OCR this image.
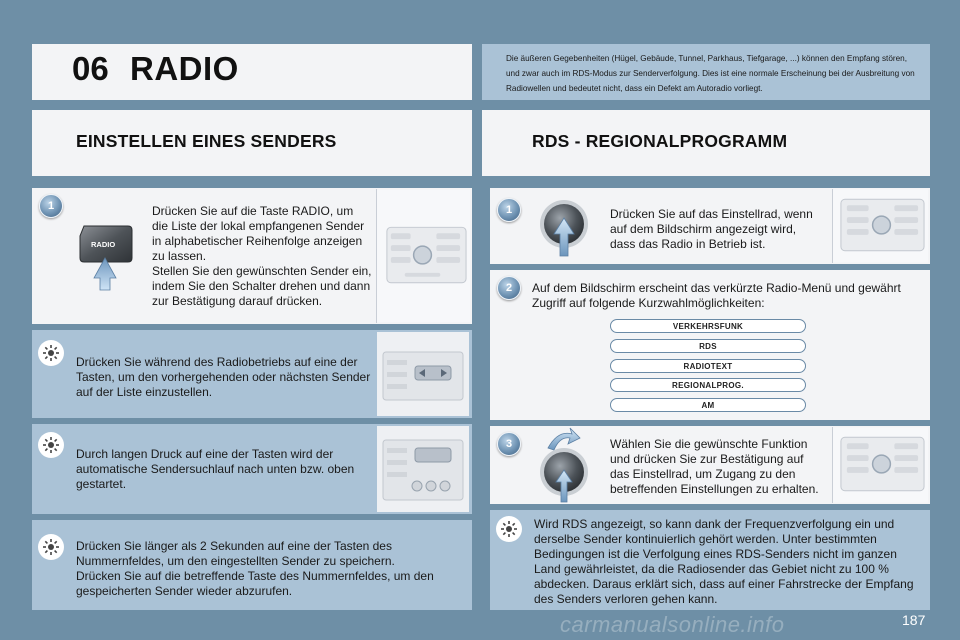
06 RADIO	Die äußeren Gegebenheiten (Hügel, Gebäude, Tunnel, Parkhaus, Tiefgarage, ...) können den Empfang stören, und zwar auch im RDS-Modus zur Senderverfolgung. Dies ist eine normale Erscheinung bei der Ausbreitung von Radiowellen und bedeutet nicht, dass ein Defekt am Autoradio vorliegt.
EINSTELLEN EINES SENDERS	RDS - REGIONALPROGRAMM
1
RADIO
Drücken Sie auf die Taste RADIO, um die Liste der lokal empfangenen Sender in alphabetischer Reihenfolge anzeigen zu lassen.
Stellen Sie den gewünschten Sender ein, indem Sie den Schalter drehen und dann zur Bestätigung darauf drücken.
Drücken Sie während des Radiobetriebs auf eine der Tasten, um den vorhergehenden oder nächsten Sender auf der Liste einzustellen.
Durch langen Druck auf eine der Tasten wird der automatische Sendersuchlauf nach unten bzw. oben gestartet.
Drücken Sie länger als 2 Sekunden auf eine der Tasten des Nummernfeldes, um den eingestellten Sender zu speichern.
Drücken Sie auf die betreffende Taste des Nummernfeldes, um den gespeicherten Sender wieder abzurufen.
1	Drücken Sie auf das Einstellrad, wenn auf dem Bildschirm angezeigt wird, dass das Radio in Betrieb ist.
2	Auf dem Bildschirm erscheint das verkürzte Radio-Menü und gewährt Zugriff auf folgende Kurzwahlmöglichkeiten:
VERKEHRSFUNK
RDS
RADIOTEXT
REGIONALPROG.
AM
3	Wählen Sie die gewünschte Funktion und drücken Sie zur Bestätigung auf das Einstellrad, um Zugang zu den betreffenden Einstellungen zu erhalten.
Wird RDS angezeigt, so kann dank der Frequenzverfolgung ein und derselbe Sender kontinuierlich gehört werden. Unter bestimmten Bedingungen ist die Verfolgung eines RDS-Senders nicht im ganzen Land gewährleistet, da die Radiosender das Gebiet nicht zu 100 % abdecken. Daraus erklärt sich, dass auf einer Fahrstrecke der Empfang des Senders verloren gehen kann.
carmanualsonline.info	187
